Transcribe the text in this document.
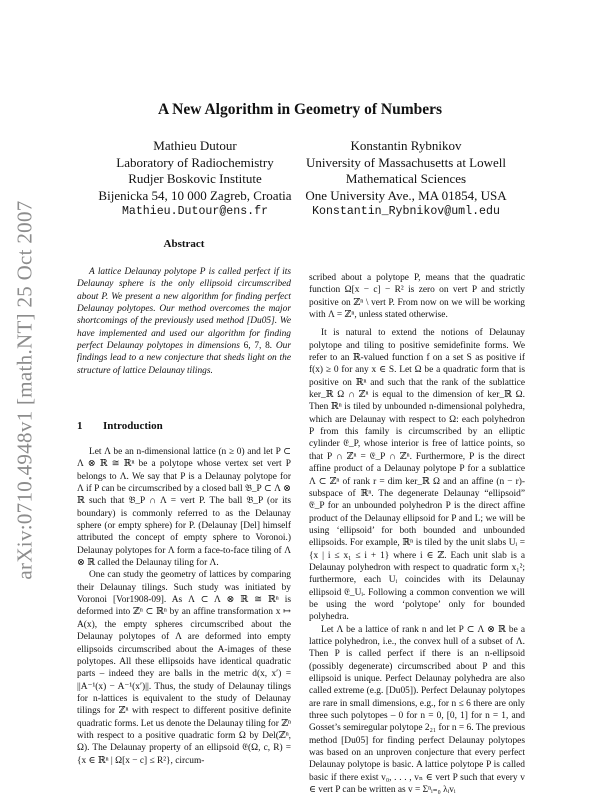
arXiv:0710.4948v1 [math.NT] 25 Oct 2007
A New Algorithm in Geometry of Numbers
Mathieu Dutour
Laboratory of Radiochemistry
Rudjer Boskovic Institute
Bijenicka 54, 10 000 Zagreb, Croatia
Mathieu.Dutour@ens.fr
Konstantin Rybnikov
University of Massachusetts at Lowell
Mathematical Sciences
One University Ave., MA 01854, USA
Konstantin_Rybnikov@uml.edu
Abstract

A lattice Delaunay polytope P is called perfect if its Delaunay sphere is the only ellipsoid circumscribed about P. We present a new algorithm for finding perfect Delaunay polytopes. Our method overcomes the major shortcomings of the previously used method [Du05]. We have implemented and used our algorithm for finding perfect Delaunay polytopes in dimensions 6, 7, 8. Our findings lead to a new conjecture that sheds light on the structure of lattice Delaunay tilings.

1 Introduction

Let Λ be an n-dimensional lattice (n ≥ 0) and let P ⊂ Λ ⊗ ℝ ≅ ℝⁿ be a polytope whose vertex set vert P belongs to Λ. We say that P is a Delaunay polytope for Λ if P can be circumscribed by a closed ball 𝔅_P ⊂ Λ ⊗ ℝ such that 𝔅_P ∩ Λ = vert P. The ball 𝔅_P (or its boundary) is commonly referred to as the Delaunay sphere (or empty sphere) for P. (Delaunay [Del] himself attributed the concept of empty sphere to Voronoi.) Delaunay polytopes for Λ form a face-to-face tiling of Λ ⊗ ℝ called the Delaunay tiling for Λ.

One can study the geometry of lattices by comparing their Delaunay tilings. Such study was initiated by Voronoi [Vor1908-09]. As Λ ⊂ Λ ⊗ ℝ ≅ ℝⁿ is deformed into ℤⁿ ⊂ ℝⁿ by an affine transformation x ↦ A(x), the empty spheres circumscribed about the Delaunay polytopes of Λ are deformed into empty ellipsoids circumscribed about the A-images of these polytopes. All these ellipsoids have identical quadratic parts – indeed they are balls in the metric d(x, x′) = ||A⁻¹(x) − A⁻¹(x′)||. Thus, the study of Delaunay tilings for n-lattices is equivalent to the study of Delaunay tilings for ℤⁿ with respect to different positive definite quadratic forms. Let us denote the Delaunay tiling for ℤⁿ with respect to a positive quadratic form Ω by Del(ℤⁿ, Ω). The Delaunay property of an ellipsoid 𝔈(Ω, c, R) = {x ∈ ℝⁿ | Ω[x − c] ≤ R²}, circum-

scribed about a polytope P, means that the quadratic function Ω[x − c] − R² is zero on vert P and strictly positive on ℤⁿ \ vert P. From now on we will be working with Λ = ℤⁿ, unless stated otherwise.

It is natural to extend the notions of Delaunay polytope and tiling to positive semidefinite forms. We refer to an ℝ-valued function f on a set S as positive if f(x) ≥ 0 for any x ∈ S. Let Ω be a quadratic form that is positive on ℝⁿ and such that the rank of the sublattice ker_ℝ Ω ∩ ℤⁿ is equal to the dimension of ker_ℝ Ω. Then ℝⁿ is tiled by unbounded n-dimensional polyhedra, which are Delaunay with respect to Ω: each polyhedron P from this family is circumscribed by an elliptic cylinder 𝔈_P, whose interior is free of lattice points, so that P ∩ ℤⁿ = 𝔈_P ∩ ℤⁿ. Furthermore, P is the direct affine product of a Delaunay polytope P for a sublattice Λ ⊂ ℤⁿ of rank r = dim ker_ℝ Ω and an affine (n − r)-subspace of ℝⁿ. The degenerate Delaunay “ellipsoid” 𝔈_P for an unbounded polyhedron P is the direct affine product of the Delaunay ellipsoid for P and L; we will be using ‘ellipsoid’ for both bounded and unbounded ellipsoids. For example, ℝⁿ is tiled by the unit slabs Uᵢ = {x | i ≤ x₁ ≤ i + 1} where i ∈ ℤ. Each unit slab is a Delaunay polyhedron with respect to quadratic form x₁²; furthermore, each Uᵢ coincides with its Delaunay ellipsoid 𝔈_Uᵢ. Following a common convention we will be using the word ‘polytope’ only for bounded polyhedra.

Let Λ be a lattice of rank n and let P ⊂ Λ ⊗ ℝ be a lattice polyhedron, i.e., the convex hull of a subset of Λ. Then P is called perfect if there is an n-ellipsoid (possibly degenerate) circumscribed about P and this ellipsoid is unique. Perfect Delaunay polyhedra are also called extreme (e.g. [Du05]). Perfect Delaunay polytopes are rare in small dimensions, e.g., for n ≤ 6 there are only three such polytopes – 0 for n = 0, [0, 1] for n = 1, and Gosset’s semiregular polytope 2₂₁ for n = 6. The previous method [Du05] for finding perfect Delaunay polytopes was based on an unproven conjecture that every perfect Delaunay polytope is basic. A lattice polytope P is called basic if there exist v₀, . . . , vₙ ∈ vert P such that every v ∈ vert P can be written as v = Σⁿᵢ₌₀ λᵢvᵢ
